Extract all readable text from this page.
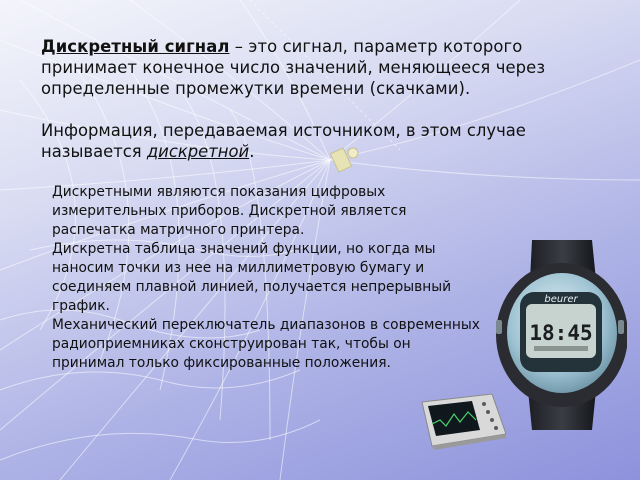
Дискретный сигнал – это сигнал, параметр которого принимает конечное число значений, меняющееся через определенные промежутки времени (скачками).
Информация, передаваемая источником, в этом случае называется дискретной.

Дискретными являются показания цифровых измерительных приборов. Дискретной является распечатка матричного принтера.

Дискретна таблица значений функции, но когда мы наносим точки из нее на миллиметровую бумагу и соединяем плавной линией, получается непрерывный график.

Механический переключатель диапазонов в современных радиоприемниках сконструирован так, чтобы он принимал только фиксированные положения.

beurer
18:45
